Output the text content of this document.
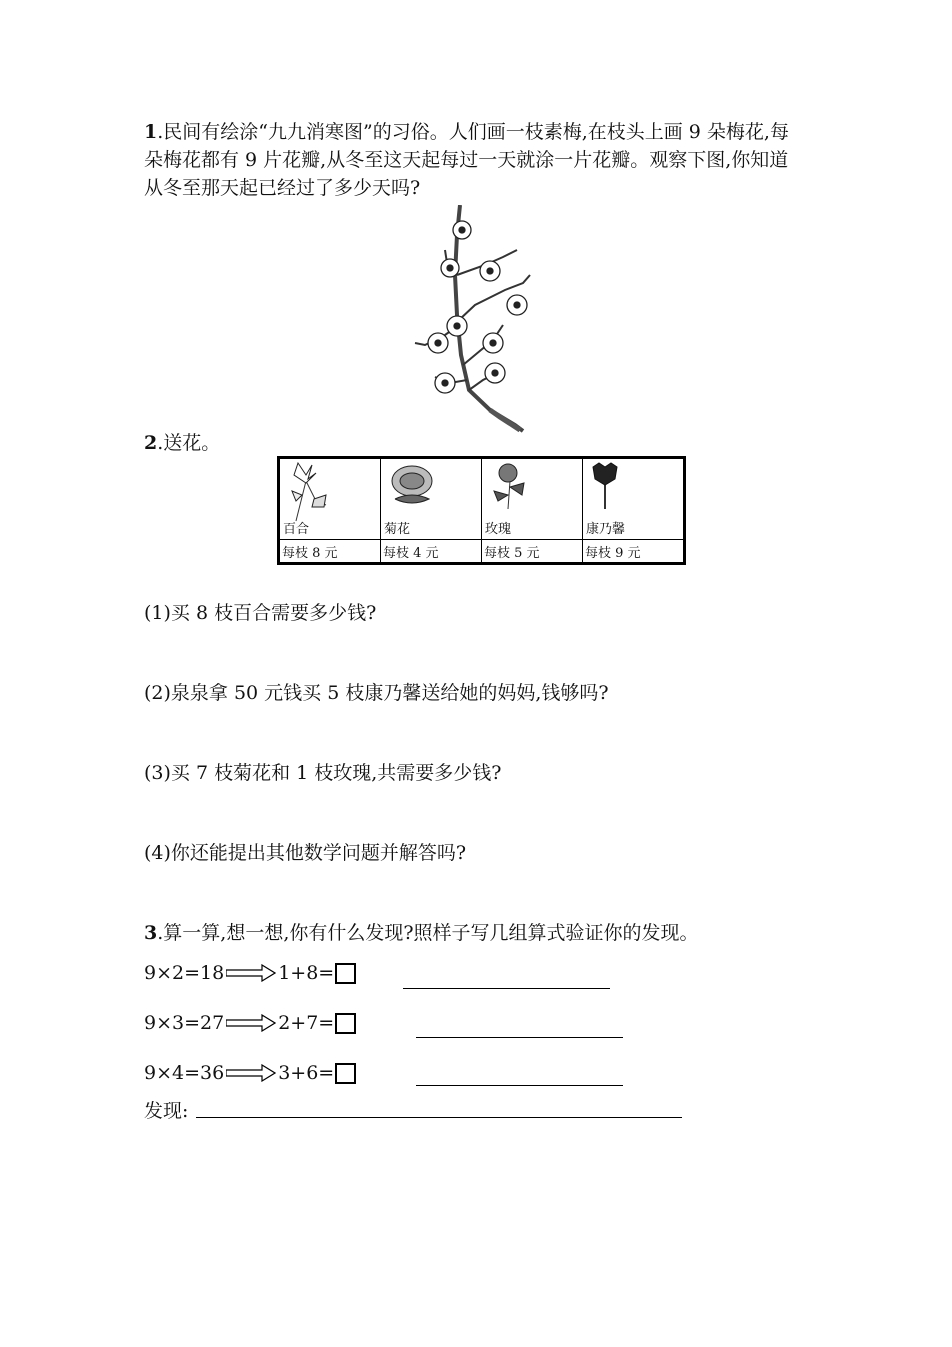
1.民间有绘涂“九九消寒图”的习俗。人们画一枝素梅,在枝头上画 9 朵梅花,每朵梅花都有 9 片花瓣,从冬至这天起每过一天就涂一片花瓣。观察下图,你知道从冬至那天起已经过了多少天吗?
2.送花。
百合	菊花	玫瑰	康乃馨

每枝 8 元	每枝 4 元	每枝 5 元	每枝 9 元
(1)买 8 枝百合需要多少钱?
(2)泉泉拿 50 元钱买 5 枝康乃馨送给她的妈妈,钱够吗?
(3)买 7 枝菊花和 1 枝玫瑰,共需要多少钱?
(4)你还能提出其他数学问题并解答吗?
3.算一算,想一想,你有什么发现?照样子写几组算式验证你的发现。
9×2=18	1+8=
9×3=27	2+7=
9×4=36	3+6=
发现:
